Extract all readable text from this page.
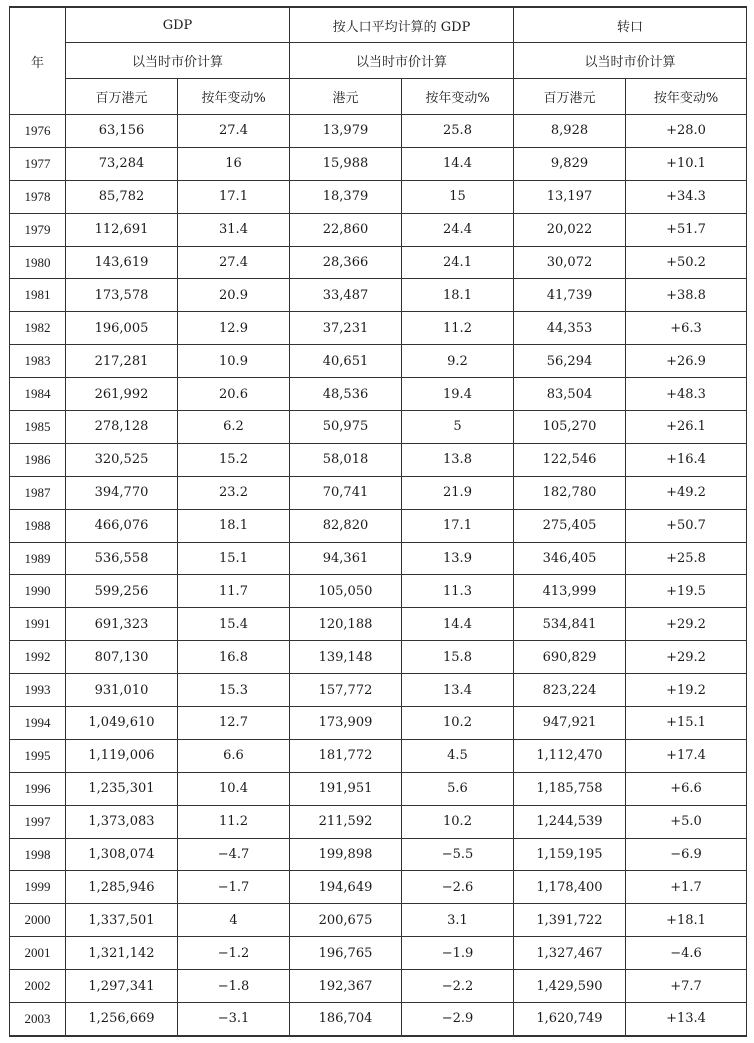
年	GDP		按人口平均计算的 GDP		转口	
	以当时市价计算		以当时市价计算		以当时市价计算	
	百万港元	按年变动%	港元	按年变动%	百万港元	按年变动%
1976	63,156	27.4	13,979	25.8	8,928	+28.0
1977	73,284	16	15,988	14.4	9,829	+10.1
1978	85,782	17.1	18,379	15	13,197	+34.3
1979	112,691	31.4	22,860	24.4	20,022	+51.7
1980	143,619	27.4	28,366	24.1	30,072	+50.2
1981	173,578	20.9	33,487	18.1	41,739	+38.8
1982	196,005	12.9	37,231	11.2	44,353	+6.3
1983	217,281	10.9	40,651	9.2	56,294	+26.9
1984	261,992	20.6	48,536	19.4	83,504	+48.3
1985	278,128	6.2	50,975	5	105,270	+26.1
1986	320,525	15.2	58,018	13.8	122,546	+16.4
1987	394,770	23.2	70,741	21.9	182,780	+49.2
1988	466,076	18.1	82,820	17.1	275,405	+50.7
1989	536,558	15.1	94,361	13.9	346,405	+25.8
1990	599,256	11.7	105,050	11.3	413,999	+19.5
1991	691,323	15.4	120,188	14.4	534,841	+29.2
1992	807,130	16.8	139,148	15.8	690,829	+29.2
1993	931,010	15.3	157,772	13.4	823,224	+19.2
1994	1,049,610	12.7	173,909	10.2	947,921	+15.1
1995	1,119,006	6.6	181,772	4.5	1,112,470	+17.4
1996	1,235,301	10.4	191,951	5.6	1,185,758	+6.6
1997	1,373,083	11.2	211,592	10.2	1,244,539	+5.0
1998	1,308,074	−4.7	199,898	−5.5	1,159,195	−6.9
1999	1,285,946	−1.7	194,649	−2.6	1,178,400	+1.7
2000	1,337,501	4	200,675	3.1	1,391,722	+18.1
2001	1,321,142	−1.2	196,765	−1.9	1,327,467	−4.6
2002	1,297,341	−1.8	192,367	−2.2	1,429,590	+7.7
2003	1,256,669	−3.1	186,704	−2.9	1,620,749	+13.4
